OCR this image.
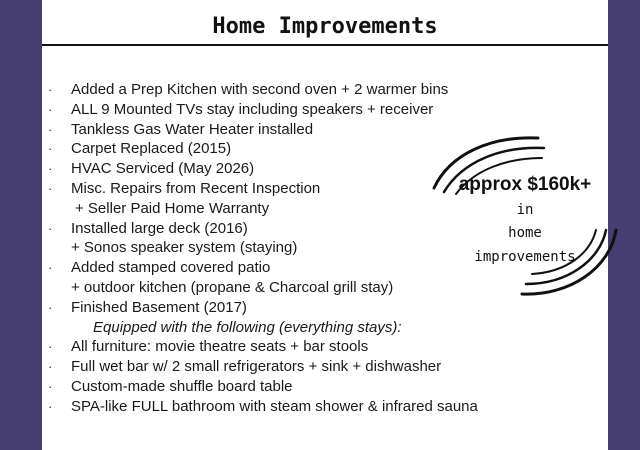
Home Improvements
· Added a Prep Kitchen with second oven + 2 warmer bins
· ALL 9 Mounted TVs stay including speakers + receiver
· Tankless Gas Water Heater installed
· Carpet Replaced (2015)
· HVAC Serviced (May 2026)
· Misc. Repairs from Recent Inspection
+ Seller Paid Home Warranty
· Installed large deck (2016)
+ Sonos speaker system (staying)
· Added stamped covered patio
+ outdoor kitchen (propane & Charcoal grill stay)
· Finished Basement (2017)
Equipped with the following (everything stays):
· All furniture: movie theatre seats + bar stools
· Full wet bar w/ 2 small refrigerators + sink + dishwasher
· Custom-made shuffle board table
· SPA-like FULL bathroom with steam shower & infrared sauna
approx $160k+
in
home
improvements
